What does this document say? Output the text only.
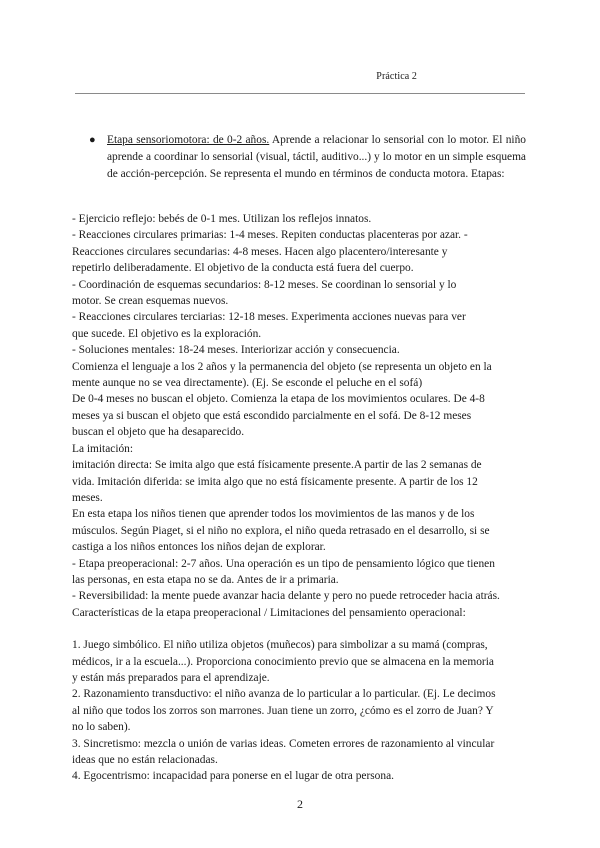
Práctica 2
● Etapa sensoriomotora: de 0-2 años. Aprende a relacionar lo sensorial con lo motor. El niño aprende a coordinar lo sensorial (visual, táctil, auditivo...) y lo motor en un simple esquema de acción-percepción. Se representa el mundo en términos de conducta motora. Etapas:
- Ejercicio reflejo: bebés de 0-1 mes. Utilizan los reflejos innatos.
- Reacciones circulares primarias: 1-4 meses. Repiten conductas placenteras por azar. -
Reacciones circulares secundarias: 4-8 meses. Hacen algo placentero/interesante y
repetirlo deliberadamente. El objetivo de la conducta está fuera del cuerpo.
- Coordinación de esquemas secundarios: 8-12 meses. Se coordinan lo sensorial y lo
motor. Se crean esquemas nuevos.
- Reacciones circulares terciarias: 12-18 meses. Experimenta acciones nuevas para ver
que sucede. El objetivo es la exploración.
- Soluciones mentales: 18-24 meses. Interiorizar acción y consecuencia.
Comienza el lenguaje a los 2 años y la permanencia del objeto (se representa un objeto en la
mente aunque no se vea directamente). (Ej. Se esconde el peluche en el sofá)
De 0-4 meses no buscan el objeto. Comienza la etapa de los movimientos oculares. De 4-8
meses ya si buscan el objeto que está escondido parcialmente en el sofá. De 8-12 meses
buscan el objeto que ha desaparecido.
La imitación:
imitación directa: Se imita algo que está físicamente presente.A partir de las 2 semanas de
vida. Imitación diferida: se imita algo que no está físicamente presente. A partir de los 12
meses.
En esta etapa los niños tienen que aprender todos los movimientos de las manos y de los
músculos. Según Piaget, si el niño no explora, el niño queda retrasado en el desarrollo, si se
castiga a los niños entonces los niños dejan de explorar.
- Etapa preoperacional: 2-7 años. Una operación es un tipo de pensamiento lógico que tienen
las personas, en esta etapa no se da. Antes de ir a primaria.
- Reversibilidad: la mente puede avanzar hacia delante y pero no puede retroceder hacia atrás.
Características de la etapa preoperacional / Limitaciones del pensamiento operacional:
1. Juego simbólico. El niño utiliza objetos (muñecos) para simbolizar a su mamá (compras,
médicos, ir a la escuela...). Proporciona conocimiento previo que se almacena en la memoria
y están más preparados para el aprendizaje.
2. Razonamiento transductivo: el niño avanza de lo particular a lo particular. (Ej. Le decimos
al niño que todos los zorros son marrones. Juan tiene un zorro, ¿cómo es el zorro de Juan? Y
no lo saben).
3. Sincretismo: mezcla o unión de varias ideas. Cometen errores de razonamiento al vincular
ideas que no están relacionadas.
4. Egocentrismo: incapacidad para ponerse en el lugar de otra persona.
2
